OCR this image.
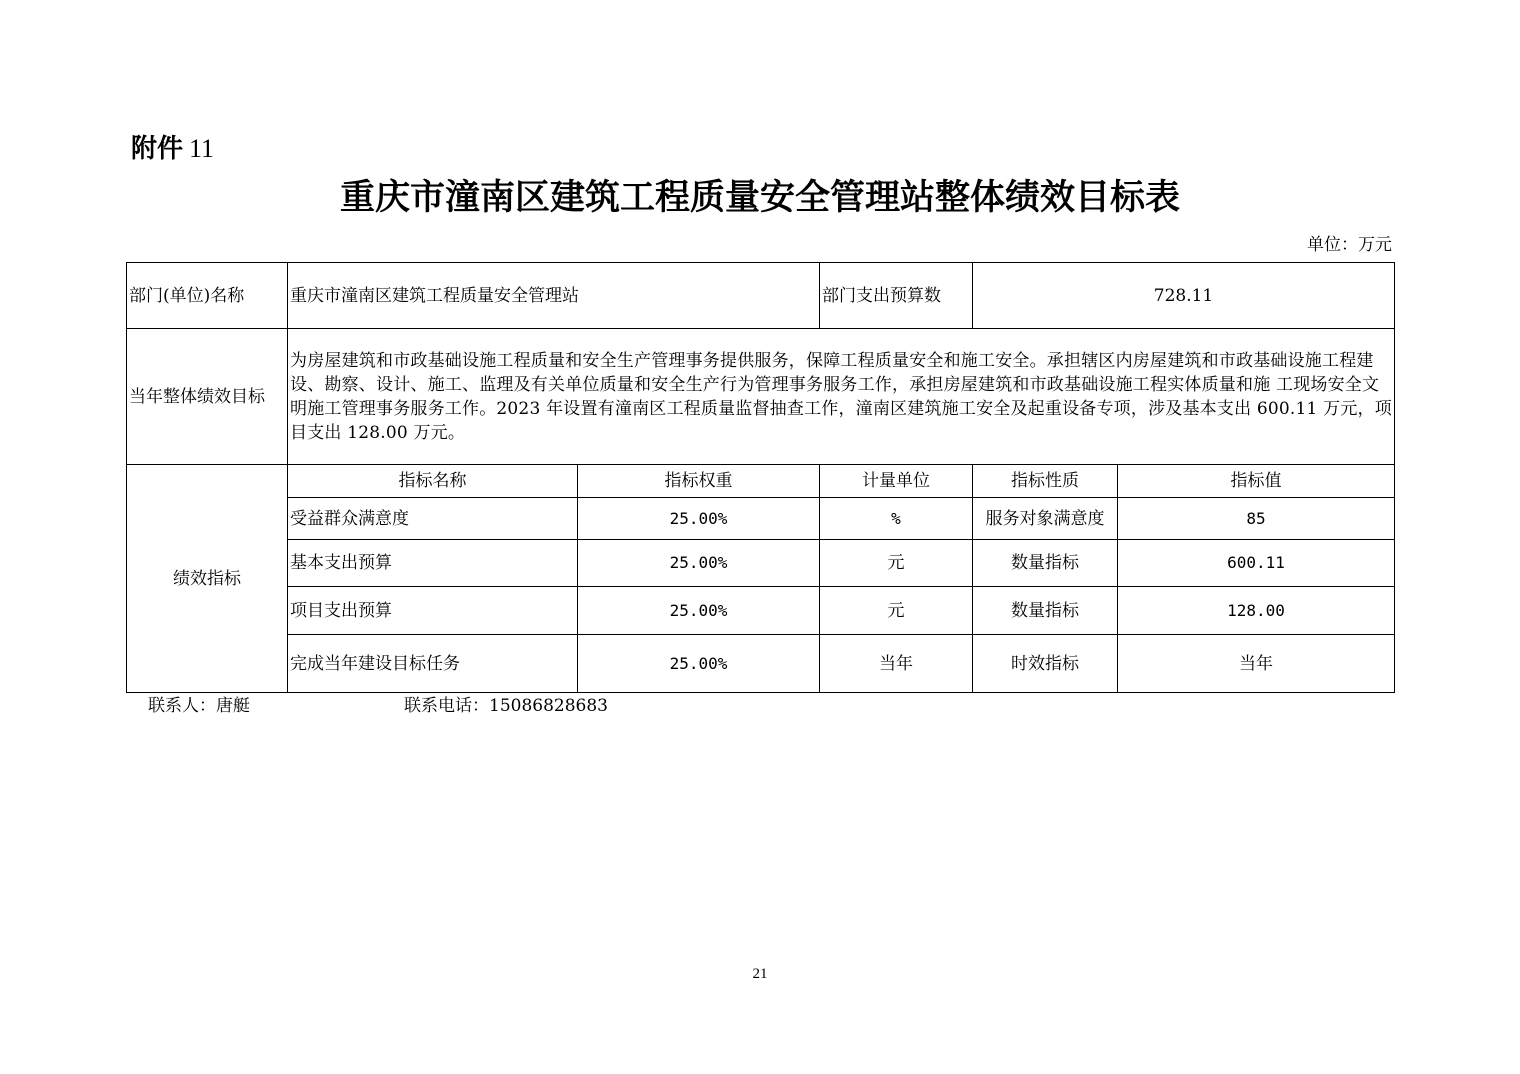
附件 11
重庆市潼南区建筑工程质量安全管理站整体绩效目标表
单位：万元
部门(单位)名称	重庆市潼南区建筑工程质量安全管理站		部门支出预算数	728.11	
当年整体绩效目标	为房屋建筑和市政基础设施工程质量和安全生产管理事务提供服务，保障工程质量安全和施工安全。承担辖区内房屋建筑和市政基础设施工程建设、勘察、设计、施工、监理及有关单位质量和安全生产行为管理事务服务工作，承担房屋建筑和市政基础设施工程实体质量和施 工现场安全文明施工管理事务服务工作。2023 年设置有潼南区工程质量监督抽查工作，潼南区建筑施工安全及起重设备专项，涉及基本支出 600.11 万元，项目支出 128.00 万元。				
绩效指标	指标名称	指标权重	计量单位	指标性质	指标值
	受益群众满意度	25.00%	%	服务对象满意度	85
	基本支出预算	25.00%	元	数量指标	600.11
	项目支出预算	25.00%	元	数量指标	128.00
	完成当年建设目标任务	25.00%	当年	时效指标	当年
联系人：唐艇	联系电话：15086828683
21
